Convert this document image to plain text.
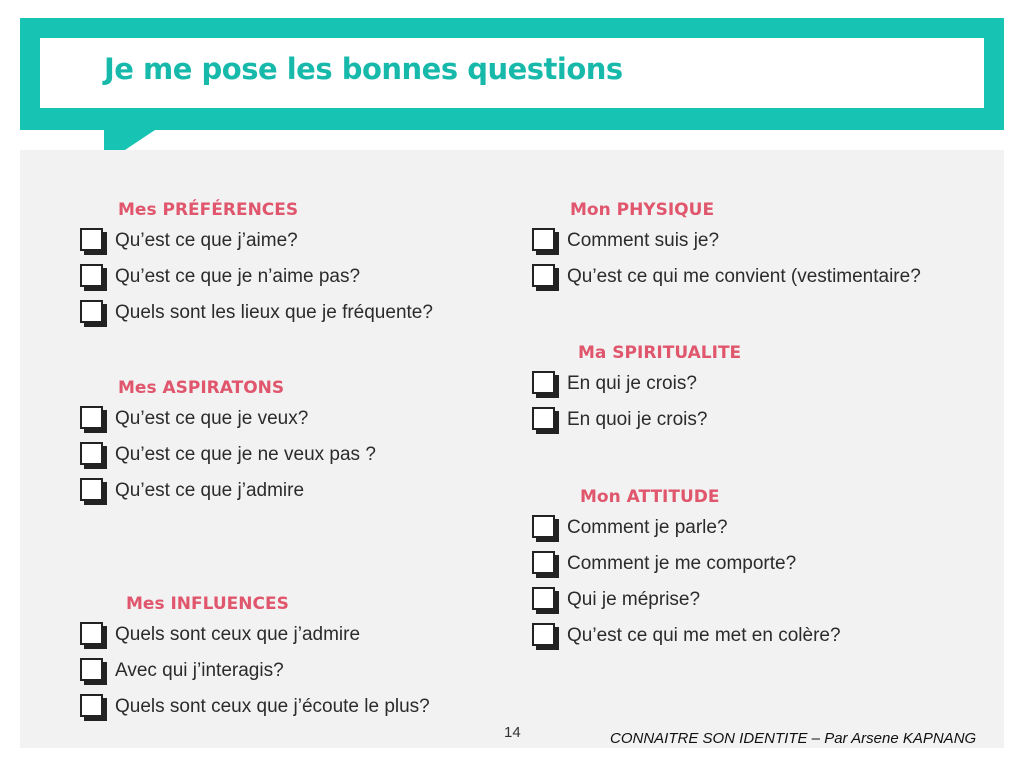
Je me pose les bonnes questions
Mes PRÉFÉRENCES
Qu’est ce que j’aime?
Qu’est ce que je n’aime pas?
Quels sont les lieux que je fréquente?
Mes ASPIRATONS
Qu’est ce que je veux?
Qu’est ce que je ne veux pas ?
Qu’est ce que j’admire
Mes INFLUENCES
Quels sont ceux que j’admire
Avec qui j’interagis?
Quels sont ceux que j’écoute le plus?
Mon PHYSIQUE
Comment suis je?
Qu’est ce qui me convient (vestimentaire?
Ma SPIRITUALITE
En qui je crois?
En quoi je crois?
Mon ATTITUDE
Comment je parle?
Comment je me comporte?
Qui je méprise?
Qu’est ce qui me met en colère?
14	CONNAITRE SON IDENTITE – Par Arsene KAPNANG
